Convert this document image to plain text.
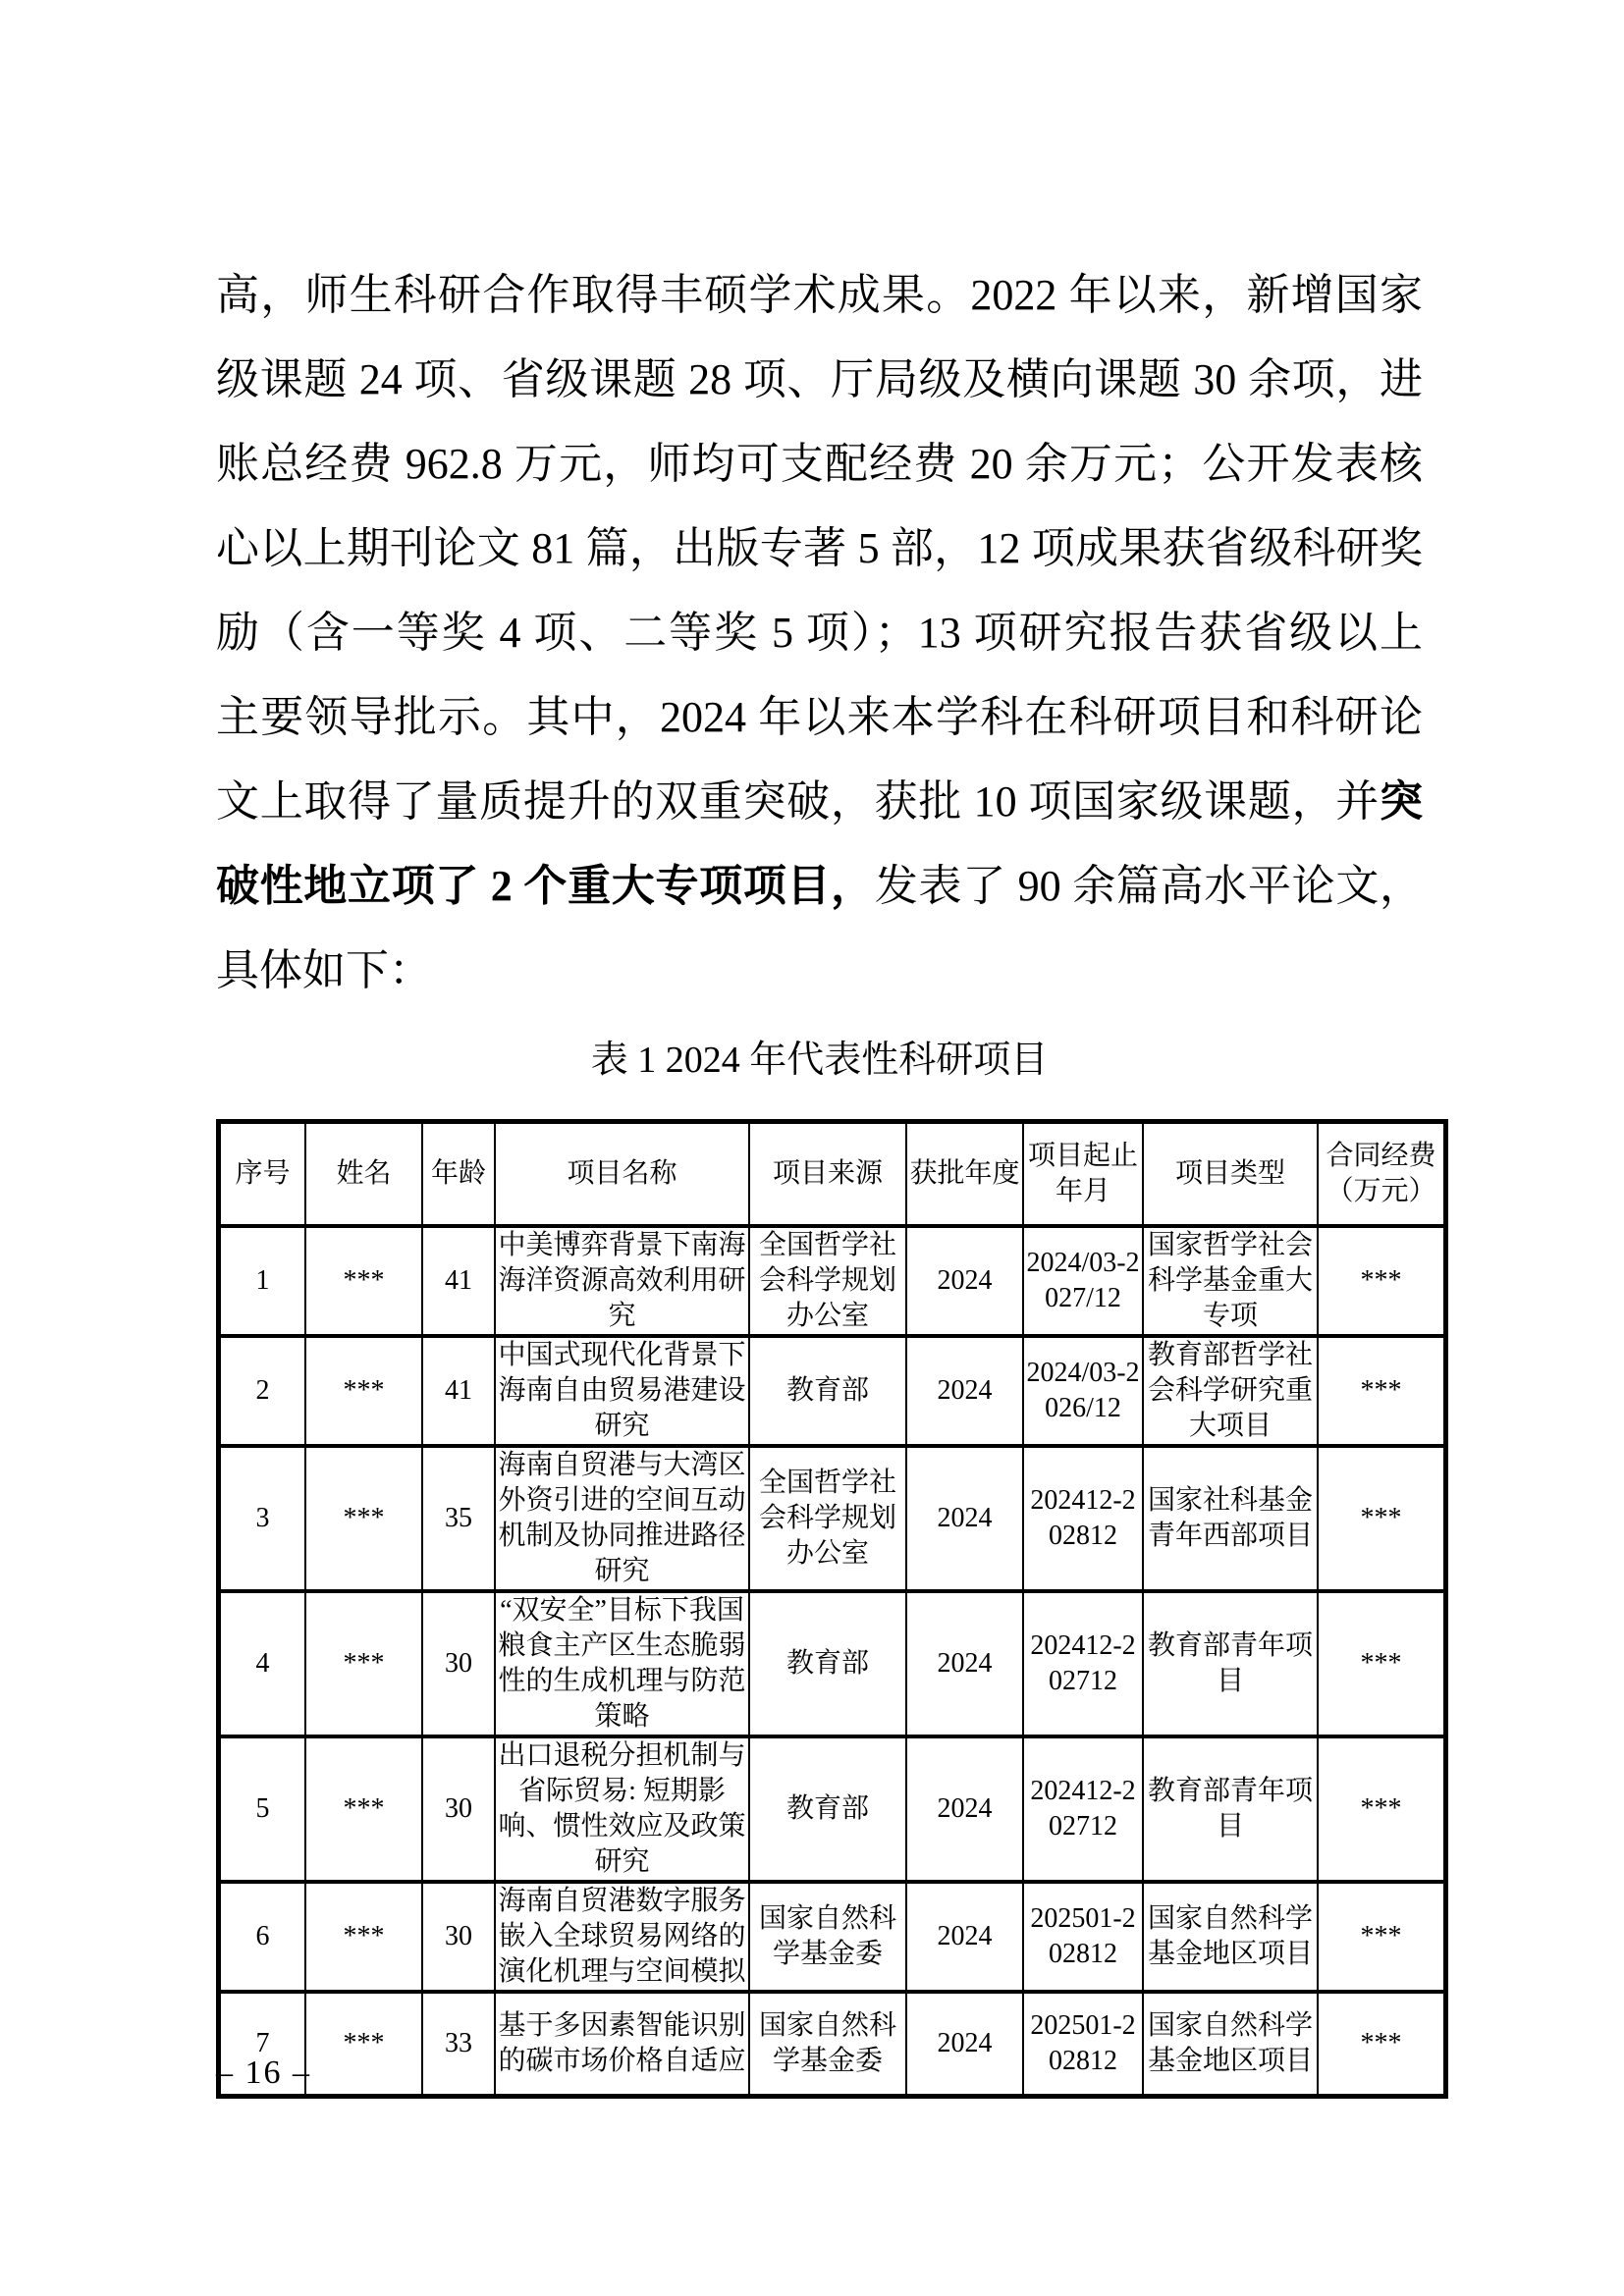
高，师生科研合作取得丰硕学术成果。2022 年以来，新增国家
级课题 24 项、省级课题 28 项、厅局级及横向课题 30 余项，进
账总经费 962.8 万元，师均可支配经费 20 余万元；公开发表核
心以上期刊论文 81 篇，出版专著 5 部，12 项成果获省级科研奖
励（含一等奖 4 项、二等奖 5 项）；13 项研究报告获省级以上
主要领导批示。其中，2024 年以来本学科在科研项目和科研论
文上取得了量质提升的双重突破，获批 10 项国家级课题，并突
破性地立项了 2 个重大专项项目，发表了 90 余篇高水平论文，
具体如下：
表 1 2024 年代表性科研项目
序号	姓名	年龄	项目名称	项目来源	获批年度	项目起止年月	项目类型	合同经费（万元）
1	***	41	中美博弈背景下南海海洋资源高效利用研究	全国哲学社会科学规划办公室	2024	2024/03-2027/12	国家哲学社会科学基金重大专项	***
2	***	41	中国式现代化背景下海南自由贸易港建设研究	教育部	2024	2024/03-2026/12	教育部哲学社会科学研究重大项目	***
3	***	35	海南自贸港与大湾区外资引进的空间互动机制及协同推进路径研究	全国哲学社会科学规划办公室	2024	202412-202812	国家社科基金青年西部项目	***
4	***	30	“双安全”目标下我国粮食主产区生态脆弱性的生成机理与防范策略	教育部	2024	202412-202712	教育部青年项目	***
5	***	30	出口退税分担机制与省际贸易: 短期影响、惯性效应及政策研究	教育部	2024	202412-202712	教育部青年项目	***
6	***	30	海南自贸港数字服务嵌入全球贸易网络的演化机理与空间模拟	国家自然科学基金委	2024	202501-202812	国家自然科学基金地区项目	***
7	***	33	基于多因素智能识别的碳市场价格自适应	国家自然科学基金委	2024	202501-202812	国家自然科学基金地区项目	***
– 16 –
